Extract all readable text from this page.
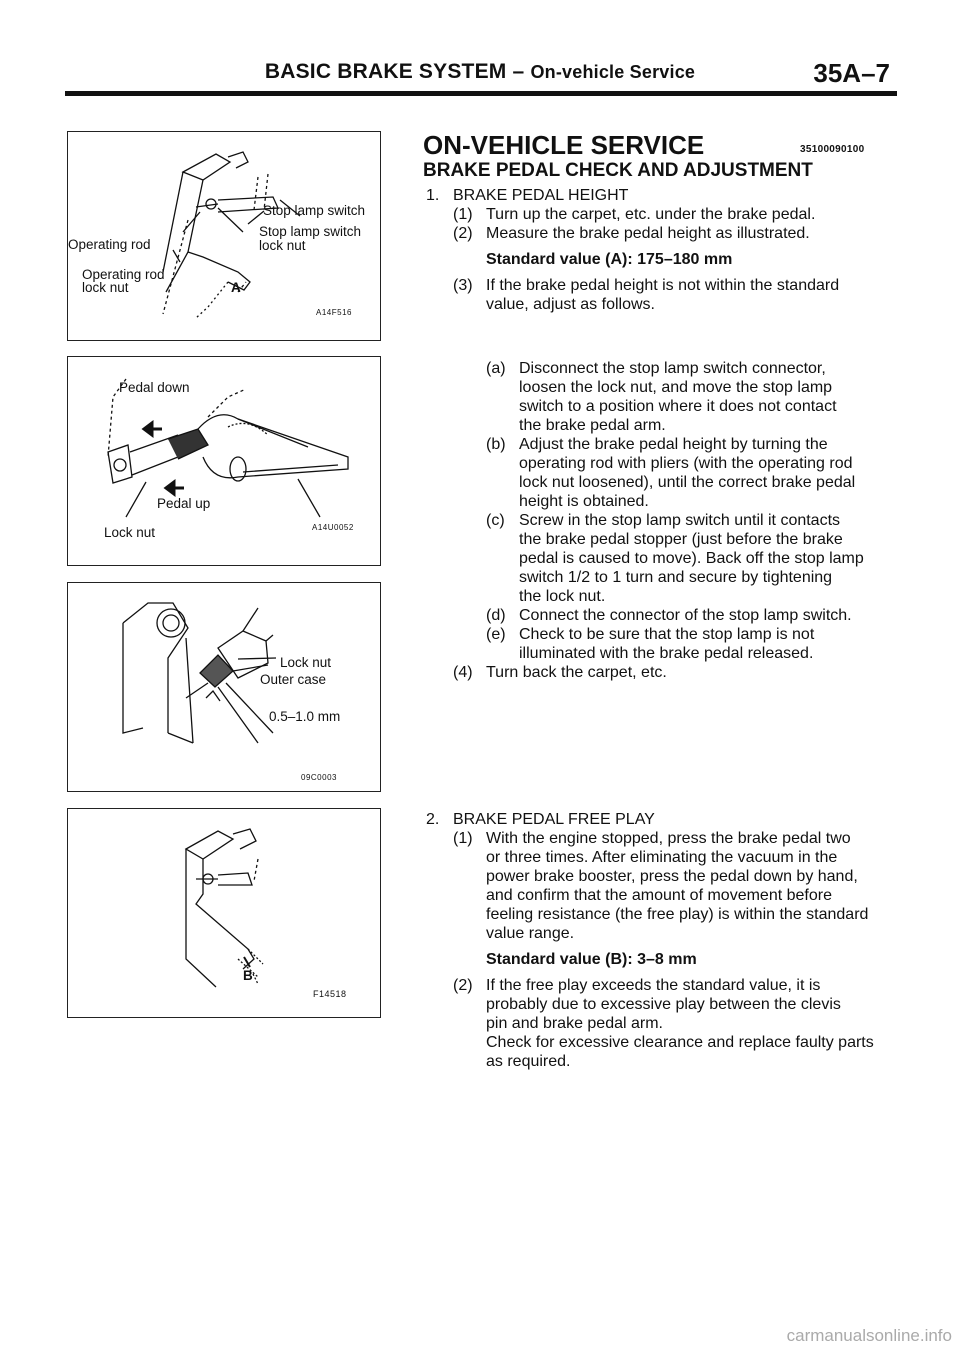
BASIC BRAKE SYSTEM – On-vehicle Service	35A–7
Stop lamp switch
Stop lamp switch
lock nut
Operating rod
Operating rod
lock nut	A
A14F516
Pedal down
Pedal up
Lock nut	A14U0052
Lock nut
Outer case
0.5–1.0 mm
09C0003
B
F14518
ON-VEHICLE SERVICE	35100090100
BRAKE PEDAL CHECK AND ADJUSTMENT
1. BRAKE PEDAL HEIGHT
(1) Turn up the carpet, etc. under the brake pedal.
(2) Measure the brake pedal height as illustrated.
Standard value (A): 175–180 mm
(3) If the brake pedal height is not within the standard
value, adjust as follows.
(a) Disconnect the stop lamp switch connector,
loosen the lock nut, and move the stop lamp
switch to a position where it does not contact
the brake pedal arm.
(b) Adjust the brake pedal height by turning the
operating rod with pliers (with the operating rod
lock nut loosened), until the correct brake pedal
height is obtained.
(c) Screw in the stop lamp switch until it contacts
the brake pedal stopper (just before the brake
pedal is caused to move). Back off the stop lamp
switch 1/2 to 1 turn and secure by tightening
the lock nut.
(d) Connect the connector of the stop lamp switch.
(e) Check to be sure that the stop lamp is not
illuminated with the brake pedal released.
(4) Turn back the carpet, etc.
2. BRAKE PEDAL FREE PLAY
(1) With the engine stopped, press the brake pedal two
or three times. After eliminating the vacuum in the
power brake booster, press the pedal down by hand,
and confirm that the amount of movement before
feeling resistance (the free play) is within the standard
value range.
Standard value (B): 3–8 mm
(2) If the free play exceeds the standard value, it is
probably due to excessive play between the clevis
pin and brake pedal arm.
Check for excessive clearance and replace faulty parts
as required.
carmanualsonline.info
